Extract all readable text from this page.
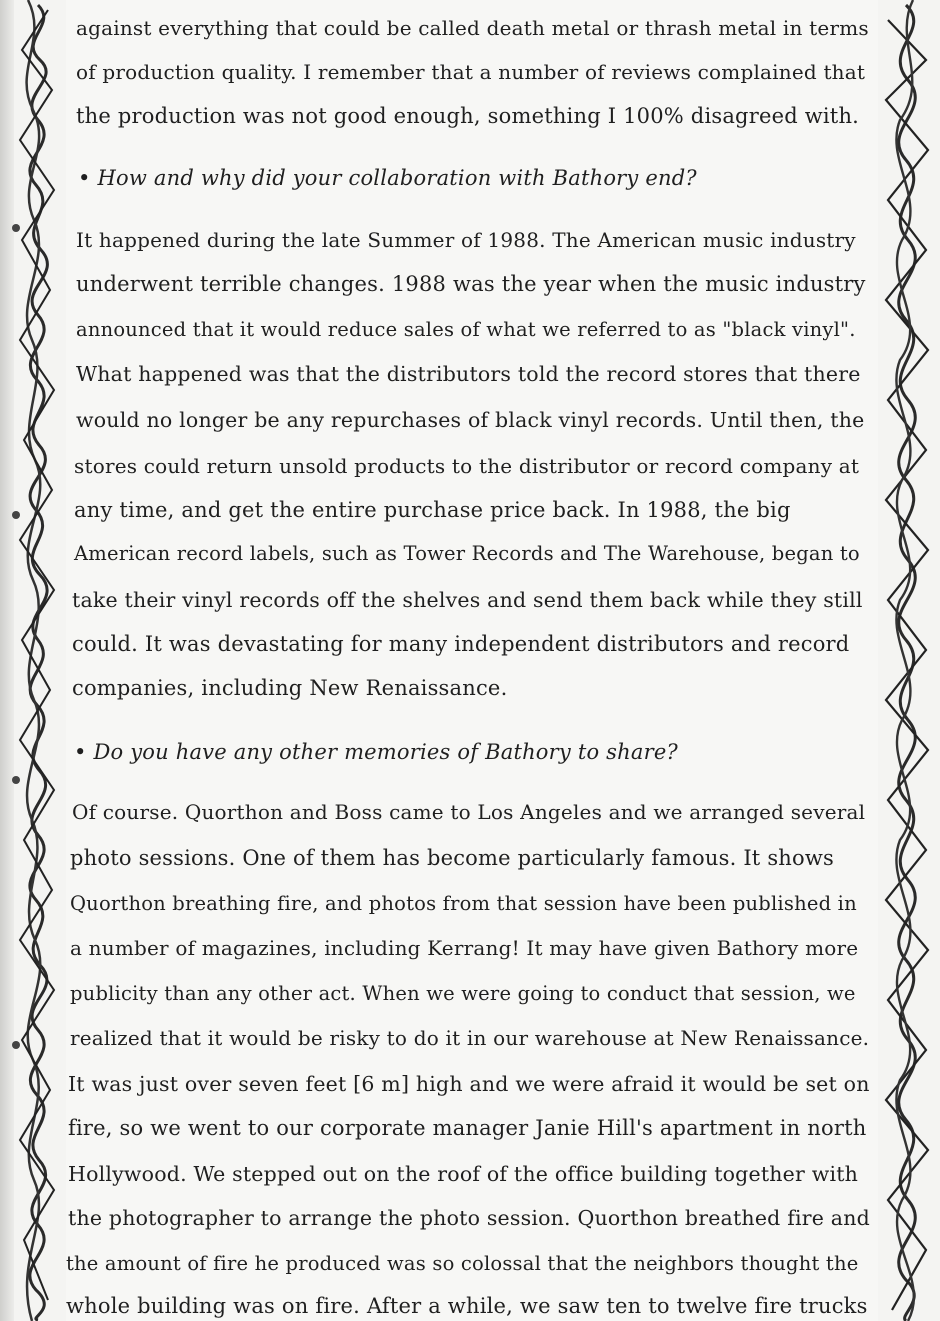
against everything that could be called death metal or thrash metal in terms
of production quality. I remember that a number of reviews complained that
the production was not good enough, something I 100% disagreed with.
• How and why did your collaboration with Bathory end?
It happened during the late Summer of 1988. The American music industry
underwent terrible changes. 1988 was the year when the music industry
announced that it would reduce sales of what we referred to as "black vinyl".
What happened was that the distributors told the record stores that there
would no longer be any repurchases of black vinyl records. Until then, the
stores could return unsold products to the distributor or record company at
any time, and get the entire purchase price back. In 1988, the big
American record labels, such as Tower Records and The Warehouse, began to
take their vinyl records off the shelves and send them back while they still
could. It was devastating for many independent distributors and record
companies, including New Renaissance.
• Do you have any other memories of Bathory to share?
Of course. Quorthon and Boss came to Los Angeles and we arranged several
photo sessions. One of them has become particularly famous. It shows
Quorthon breathing fire, and photos from that session have been published in
a number of magazines, including Kerrang! It may have given Bathory more
publicity than any other act. When we were going to conduct that session, we
realized that it would be risky to do it in our warehouse at New Renaissance.
It was just over seven feet [6 m] high and we were afraid it would be set on
fire, so we went to our corporate manager Janie Hill's apartment in north
Hollywood. We stepped out on the roof of the office building together with
the photographer to arrange the photo session. Quorthon breathed fire and
the amount of fire he produced was so colossal that the neighbors thought the
whole building was on fire. After a while, we saw ten to twelve fire trucks
